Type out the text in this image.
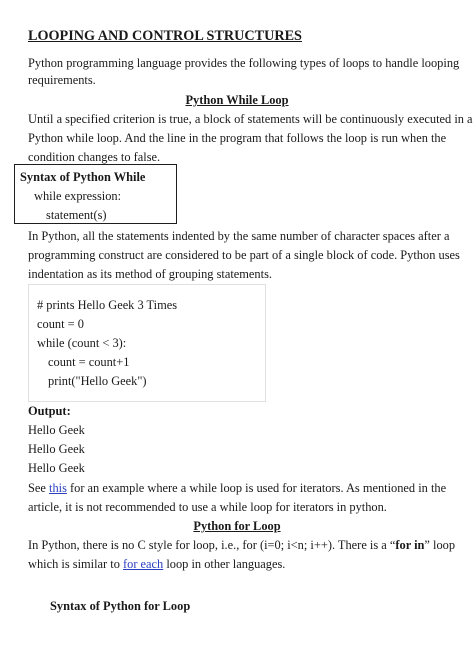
LOOPING AND CONTROL STRUCTURES
Python programming language provides the following types of loops to handle looping
requirements.
Python While Loop
Until a specified criterion is true, a block of statements will be continuously executed in a
Python while loop. And the line in the program that follows the loop is run when the
condition changes to false.
Syntax of Python While
while expression:
statement(s)
In Python, all the statements indented by the same number of character spaces after a
programming construct are considered to be part of a single block of code. Python uses
indentation as its method of grouping statements.
# prints Hello Geek 3 Times
count = 0
while (count < 3):
count = count+1
print("Hello Geek")
Output:
Hello Geek
Hello Geek
Hello Geek
See this for an example where a while loop is used for iterators. As mentioned in the
article, it is not recommended to use a while loop for iterators in python.
Python for Loop
In Python, there is no C style for loop, i.e., for (i=0; i<n; i++). There is a “for in” loop
which is similar to for each loop in other languages.
Syntax of Python for Loop
